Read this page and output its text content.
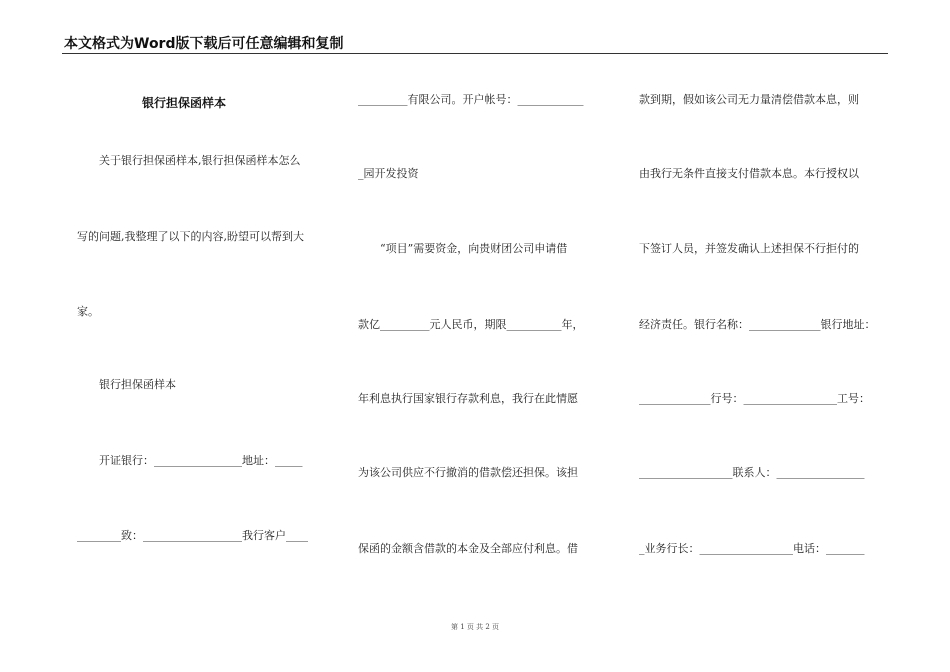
本文格式为Word版下载后可任意编辑和复制
银行担保函样本
　　关于银行担保函样本,银行担保函样本怎么
写的问题,我整理了以下的内容,盼望可以帮到大
家。
　　银行担保函样本
　　开证银行：________________地址：_____
________致：__________________我行客户____
_________有限公司。开户帐号：____________
_园开发投资
　　“项目”需要资金，向贵财团公司申请借
款亿_________元人民币，期限__________年，
年利息执行国家银行存款利息，我行在此情愿
为该公司供应不行撤消的借款偿还担保。该担
保函的金额含借款的本金及全部应付利息。借
款到期，假如该公司无力量清偿借款本息，则
由我行无条件直接支付借款本息。本行授权以
下签订人员，并签发确认上述担保不行拒付的
经济责任。银行名称：_____________银行地址：
_____________行号：_________________工号：
_________________联系人：________________
_业务行长：_________________电话：_______
第 1 页 共 2 页
